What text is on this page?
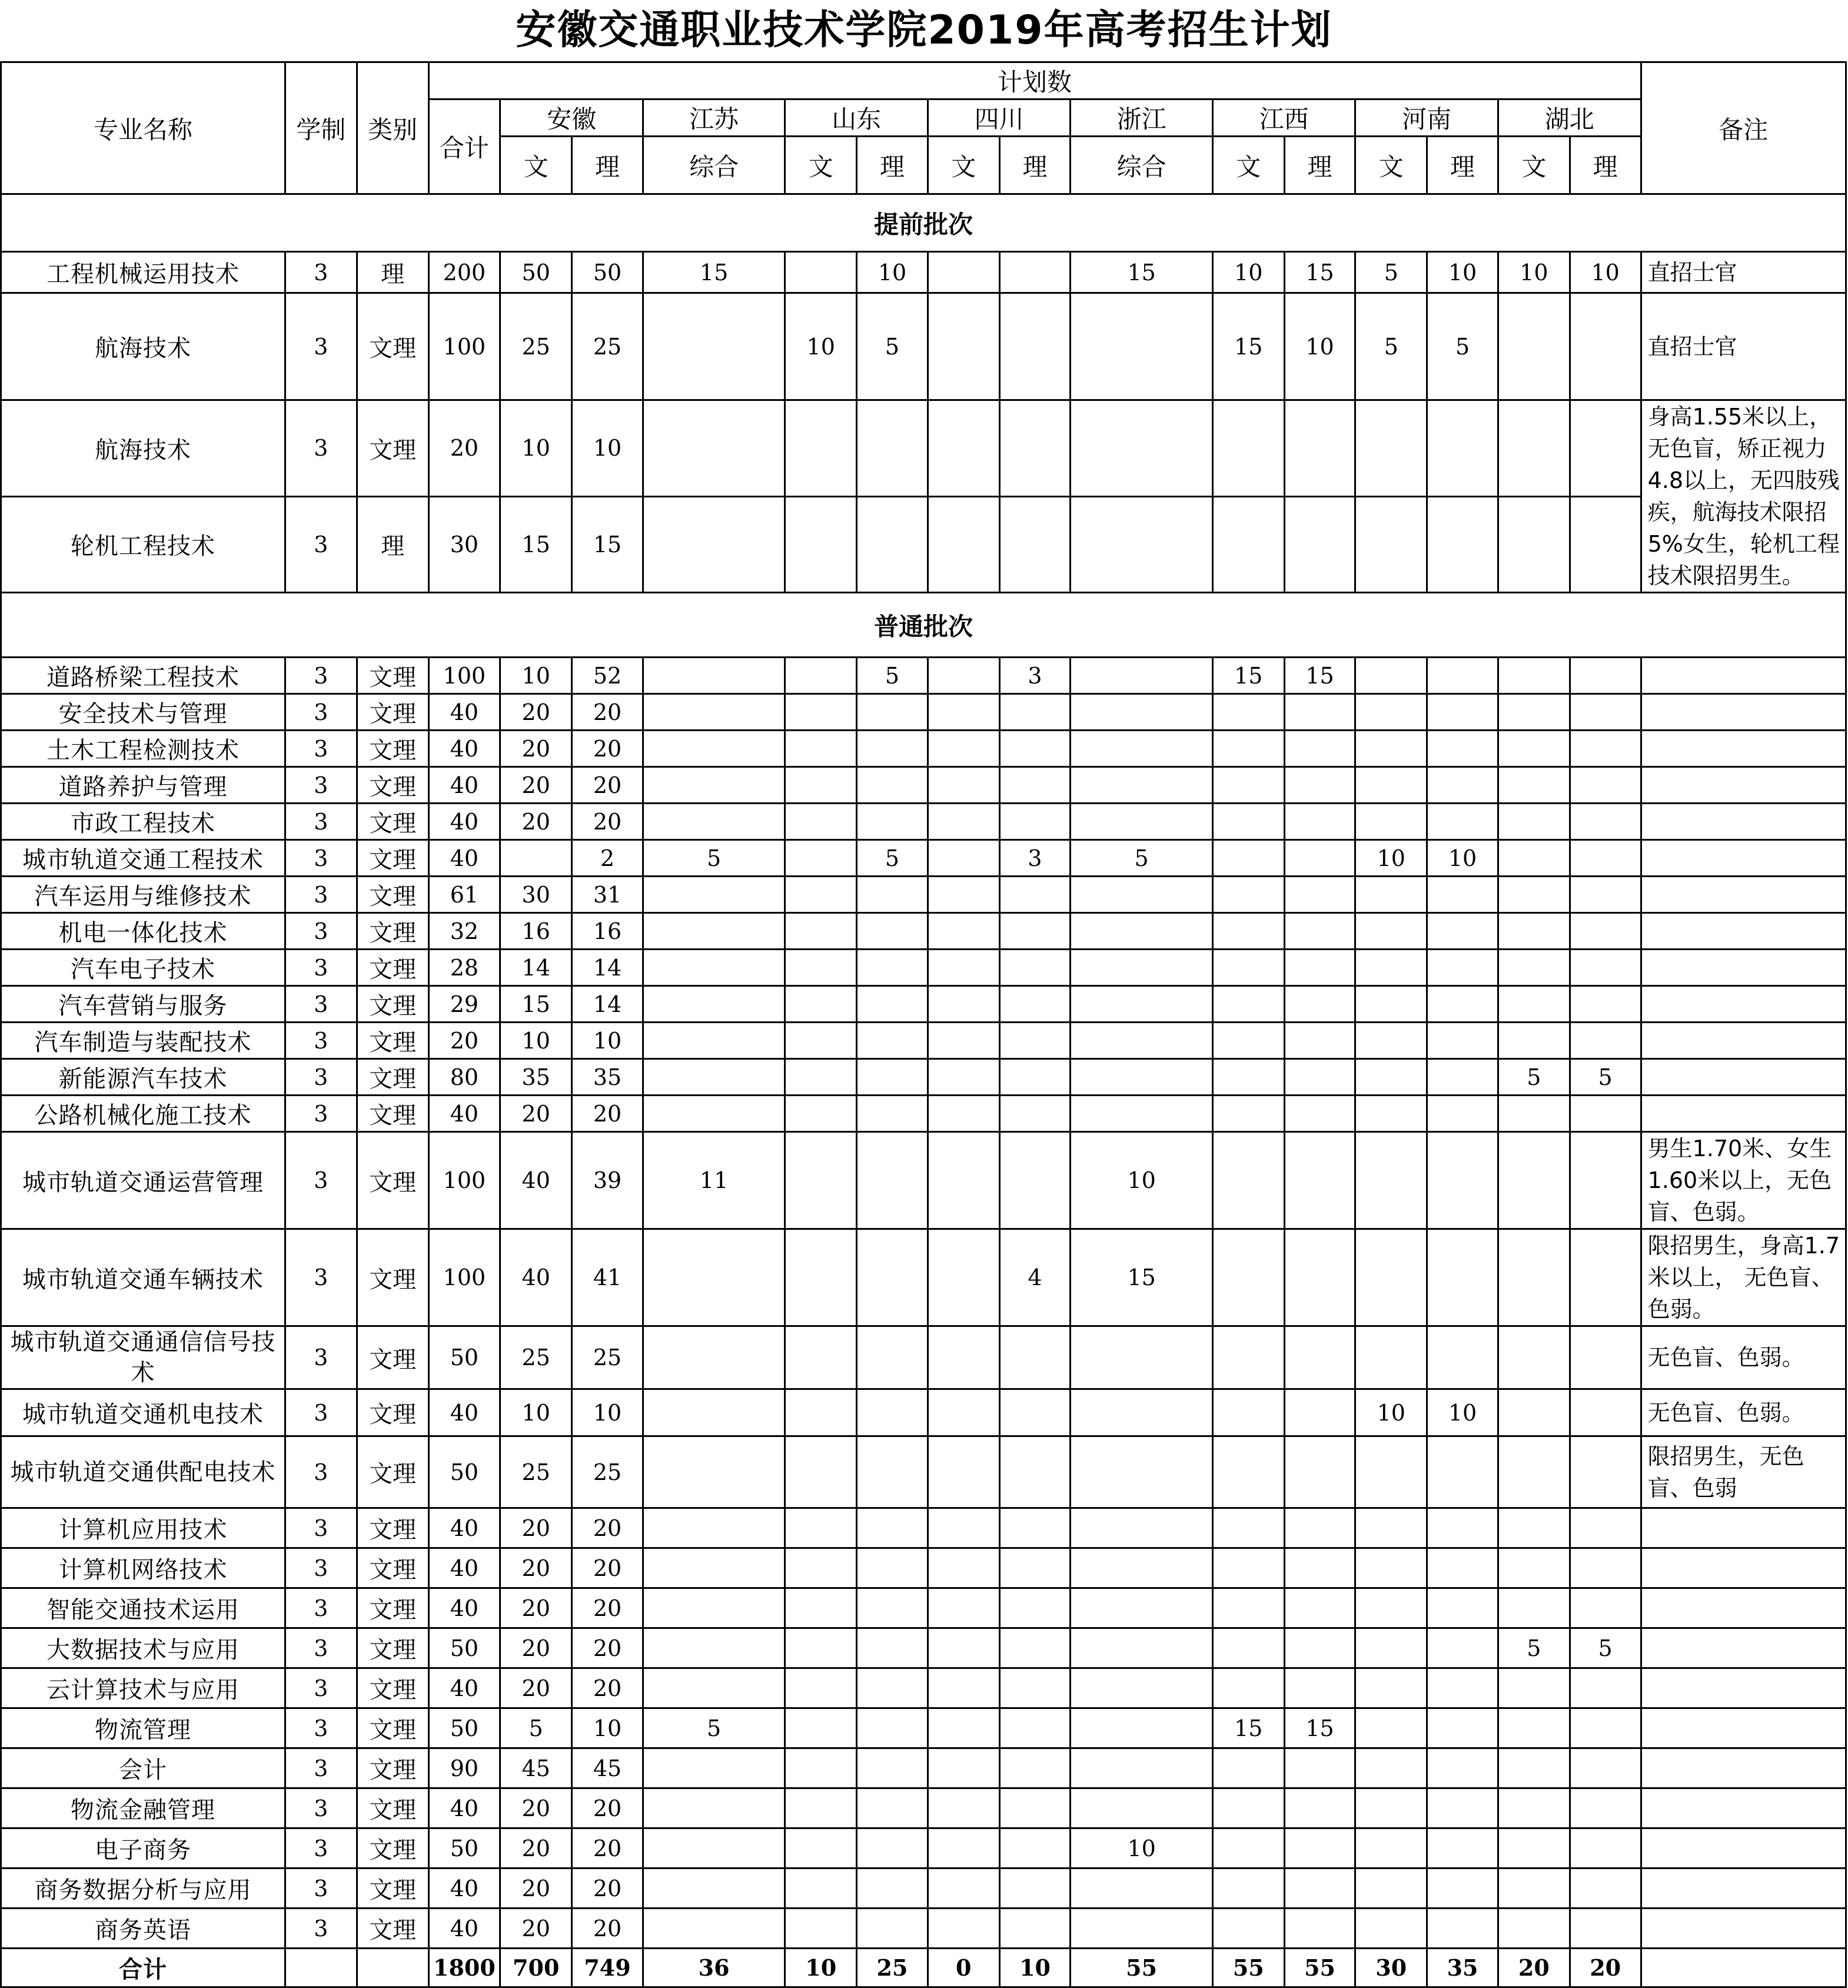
安徽交通职业技术学院2019年高考招生计划
专业名称	学制	类别	计划数															备注
			合计	安徽		江苏	山东		四川		浙江	江西		河南		湖北		
				文	理	综合	文	理	文	理	综合	文	理	文	理	文	理	
提前批次																		
工程机械运用技术	3	理	200	50	50	15		10			15	10	15	5	10	10	10	直招士官
航海技术	3	文理	100	25	25		10	5				15	10	5	5			直招士官
航海技术	3	文理	20	10	10													身高1.55米以上，无色盲，矫正视力4.8以上，无四肢残疾，航海技术限招5%女生，轮机工程技术限招男生。
轮机工程技术	3	理	30	15	15													
普通批次																		
道路桥梁工程技术	3	文理	100	10	52			5		3		15	15					
安全技术与管理	3	文理	40	20	20													
土木工程检测技术	3	文理	40	20	20													
道路养护与管理	3	文理	40	20	20													
市政工程技术	3	文理	40	20	20													
城市轨道交通工程技术	3	文理	40		2	5		5		3	5			10	10			
汽车运用与维修技术	3	文理	61	30	31													
机电一体化技术	3	文理	32	16	16													
汽车电子技术	3	文理	28	14	14													
汽车营销与服务	3	文理	29	15	14													
汽车制造与装配技术	3	文理	20	10	10													
新能源汽车技术	3	文理	80	35	35											5	5	
公路机械化施工技术	3	文理	40	20	20													
城市轨道交通运营管理	3	文理	100	40	39	11					10							男生1.70米、女生1.60米以上，无色盲、色弱。
城市轨道交通车辆技术	3	文理	100	40	41					4	15							限招男生，身高1.7米以上， 无色盲、色弱。
城市轨道交通通信信号技术	3	文理	50	25	25													无色盲、色弱。
城市轨道交通机电技术	3	文理	40	10	10									10	10			无色盲、色弱。
城市轨道交通供配电技术	3	文理	50	25	25													限招男生，无色盲、色弱
计算机应用技术	3	文理	40	20	20													
计算机网络技术	3	文理	40	20	20													
智能交通技术运用	3	文理	40	20	20													
大数据技术与应用	3	文理	50	20	20											5	5	
云计算技术与应用	3	文理	40	20	20													
物流管理	3	文理	50	5	10	5						15	15					
会计	3	文理	90	45	45													
物流金融管理	3	文理	40	20	20													
电子商务	3	文理	50	20	20						10							
商务数据分析与应用	3	文理	40	20	20													
商务英语	3	文理	40	20	20													
合计			1800	700	749	36	10	25	0	10	55	55	55	30	35	20	20	
